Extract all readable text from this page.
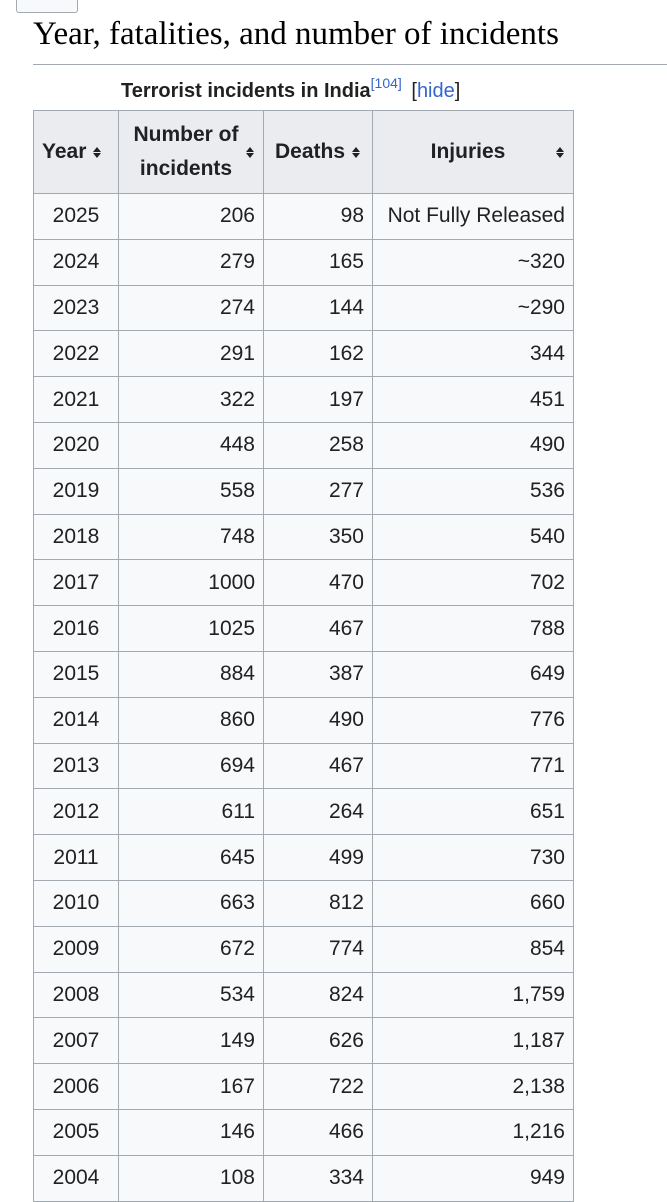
Year, fatalities, and number of incidents
Terrorist incidents in India[104] [hide]
Year	Number of incidents	Deaths	Injuries

2025	206	98	Not Fully Released
2024	279	165	~320
2023	274	144	~290
2022	291	162	344
2021	322	197	451
2020	448	258	490
2019	558	277	536
2018	748	350	540
2017	1000	470	702
2016	1025	467	788
2015	884	387	649
2014	860	490	776
2013	694	467	771
2012	611	264	651
2011	645	499	730
2010	663	812	660
2009	672	774	854
2008	534	824	1,759
2007	149	626	1,187
2006	167	722	2,138
2005	146	466	1,216
2004	108	334	949
